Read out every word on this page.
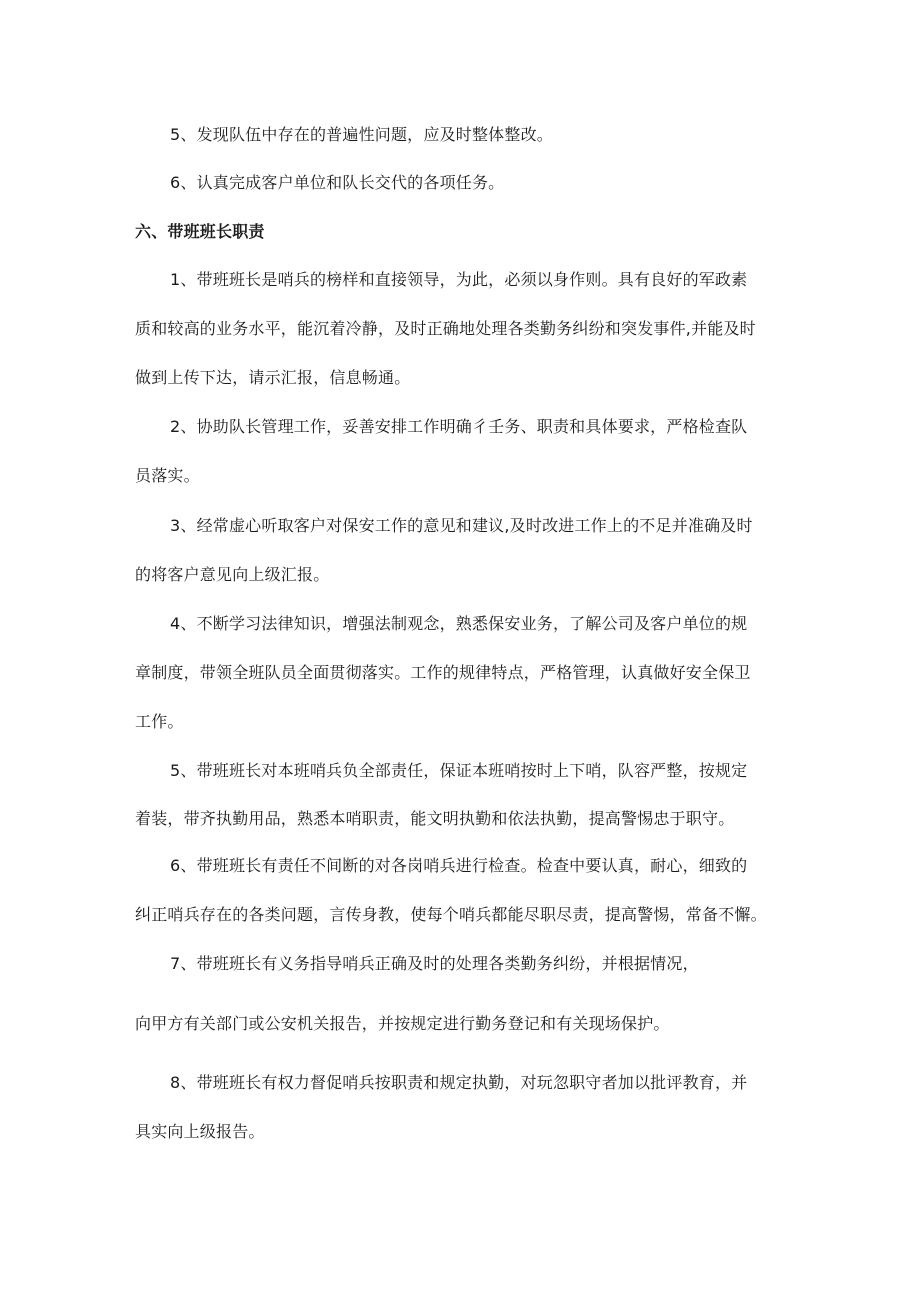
5、发现队伍中存在的普遍性问题，应及时整体整改。
6、认真完成客户单位和队长交代的各项任务。
六、带班班长职责
1、带班班长是哨兵的榜样和直接领导，为此，必须以身作则。具有良好的军政素
质和较高的业务水平，能沉着冷静，及时正确地处理各类勤务纠纷和突发事件,并能及时
做到上传下达，请示汇报，信息畅通。
2、协助队长管理工作，妥善安排工作明确彳壬务、职责和具体要求，严格检查队
员落实。
3、经常虚心听取客户对保安工作的意见和建议,及时改进工作上的不足并准确及时
的将客户意见向上级汇报。
4、不断学习法律知识，增强法制观念，熟悉保安业务，了解公司及客户单位的规
章制度，带领全班队员全面贯彻落实。工作的规律特点，严格管理，认真做好安全保卫
工作。
5、带班班长对本班哨兵负全部责任，保证本班哨按时上下哨，队容严整，按规定
着装，带齐执勤用品，熟悉本哨职责，能文明执勤和依法执勤，提高警惕忠于职守。
6、带班班长有责任不间断的对各岗哨兵进行检查。检查中要认真，耐心，细致的
纠正哨兵存在的各类问题，言传身教，使每个哨兵都能尽职尽责，提高警惕，常备不懈。
7、带班班长有义务指导哨兵正确及时的处理各类勤务纠纷，并根据情况，
向甲方有关部门或公安机关报告，并按规定进行勤务登记和有关现场保护。
8、带班班长有权力督促哨兵按职责和规定执勤，对玩忽职守者加以批评教育，并
具实向上级报告。
